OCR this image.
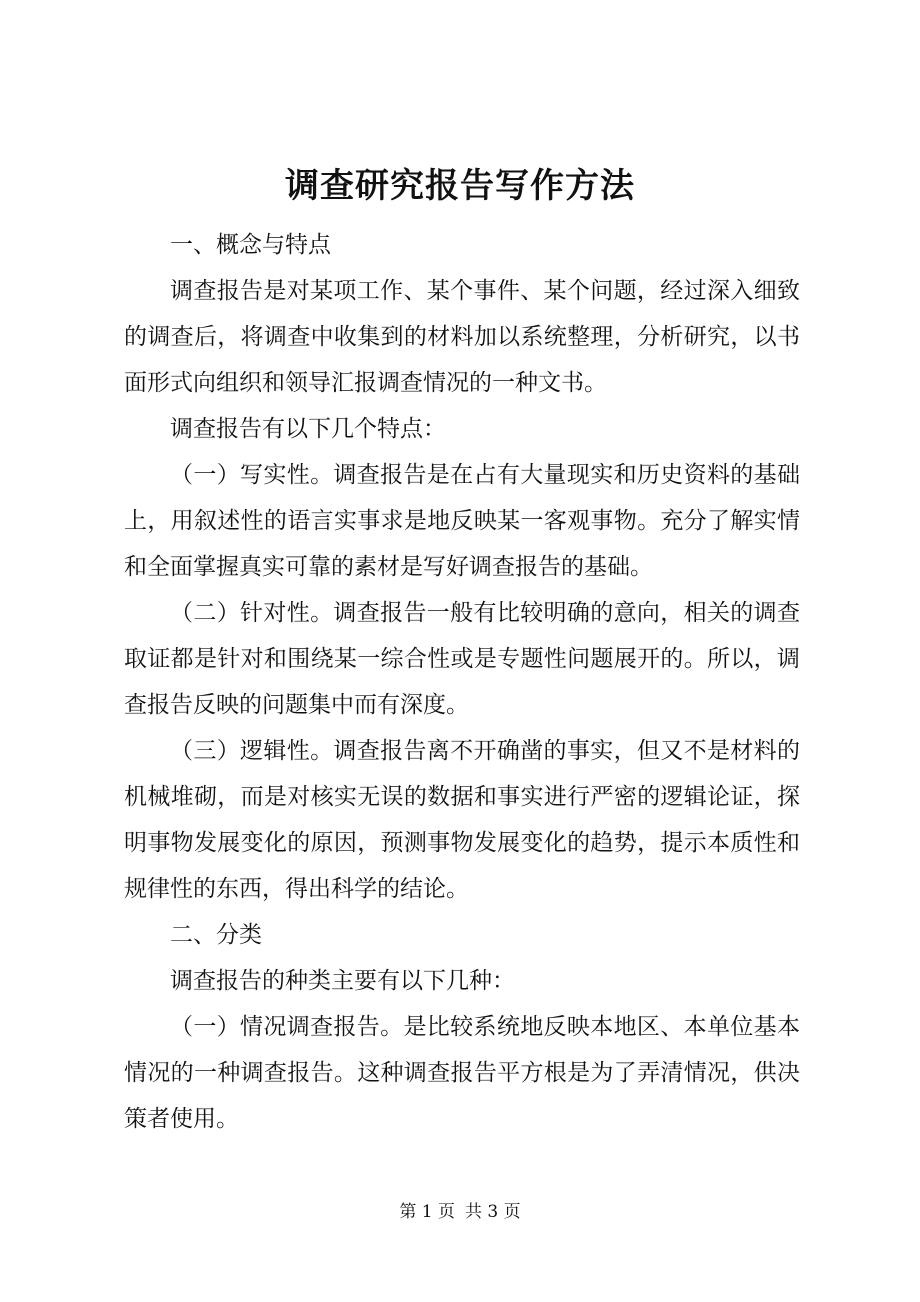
调查研究报告写作方法

一、概念与特点

调查报告是对某项工作、某个事件、某个问题，经过深入细致的调查后，将调查中收集到的材料加以系统整理，分析研究，以书面形式向组织和领导汇报调查情况的一种文书。

调查报告有以下几个特点：

（一）写实性。调查报告是在占有大量现实和历史资料的基础上，用叙述性的语言实事求是地反映某一客观事物。充分了解实情和全面掌握真实可靠的素材是写好调查报告的基础。

（二）针对性。调查报告一般有比较明确的意向，相关的调查取证都是针对和围绕某一综合性或是专题性问题展开的。所以，调查报告反映的问题集中而有深度。

（三）逻辑性。调查报告离不开确凿的事实，但又不是材料的机械堆砌，而是对核实无误的数据和事实进行严密的逻辑论证，探明事物发展变化的原因，预测事物发展变化的趋势，提示本质性和规律性的东西，得出科学的结论。

二、分类

调查报告的种类主要有以下几种：

（一）情况调查报告。是比较系统地反映本地区、本单位基本情况的一种调查报告。这种调查报告平方根是为了弄清情况，供决策者使用。

第 1 页 共 3 页
